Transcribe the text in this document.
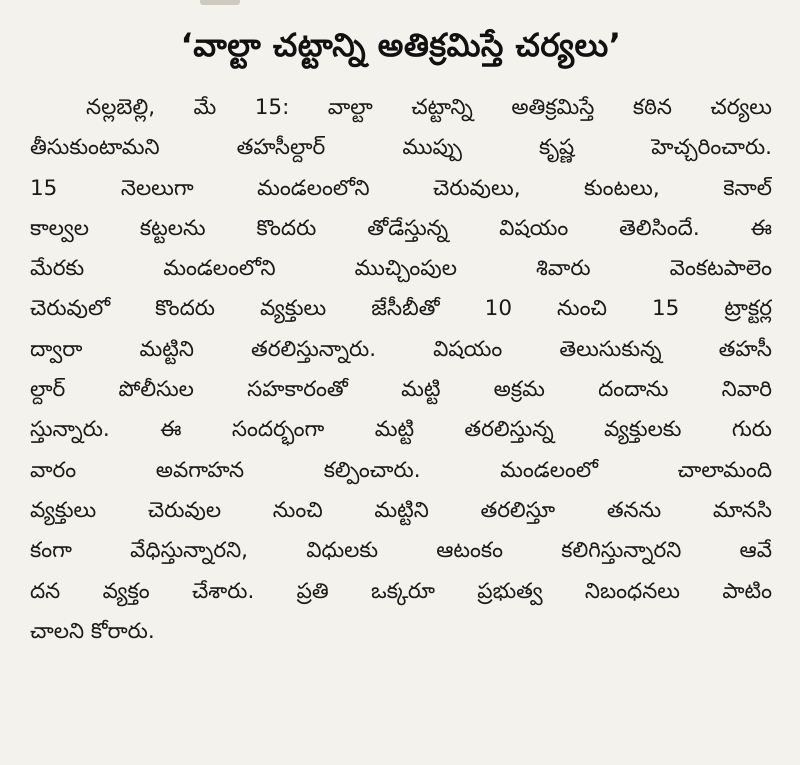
‘వాల్టా చట్టాన్ని అతిక్రమిస్తే చర్యలు’
నల్లబెల్లి, మే 15: వాల్టా చట్టాన్ని అతిక్రమిస్తే కఠిన చర్యలు
తీసుకుంటామని తహసీల్దార్ ముప్పు కృష్ణ హెచ్చరించారు.
15 నెలలుగా మండలంలోని చెరువులు, కుంటలు, కెనాల్
కాల్వల కట్టలను కొందరు తోడేస్తున్న విషయం తెలిసిందే. ఈ
మేరకు మండలంలోని ముచ్చింపుల శివారు వెంకటపాలెం
చెరువులో కొందరు వ్యక్తులు జేసీబీతో 10 నుంచి 15 ట్రాక్టర్ల
ద్వారా మట్టిని తరలిస్తున్నారు. విషయం తెలుసుకున్న తహసీ
ల్దార్ పోలీసుల సహకారంతో మట్టి అక్రమ దందాను నివారి
స్తున్నారు. ఈ సందర్భంగా మట్టి తరలిస్తున్న వ్యక్తులకు గురు
వారం అవగాహన కల్పించారు. మండలంలో చాలామంది
వ్యక్తులు చెరువుల నుంచి మట్టిని తరలిస్తూ తనను మానసి
కంగా వేధిస్తున్నారని, విధులకు ఆటంకం కలిగిస్తున్నారని ఆవే
దన వ్యక్తం చేశారు. ప్రతి ఒక్కరూ ప్రభుత్వ నిబంధనలు పాటిం
చాలని కోరారు.
